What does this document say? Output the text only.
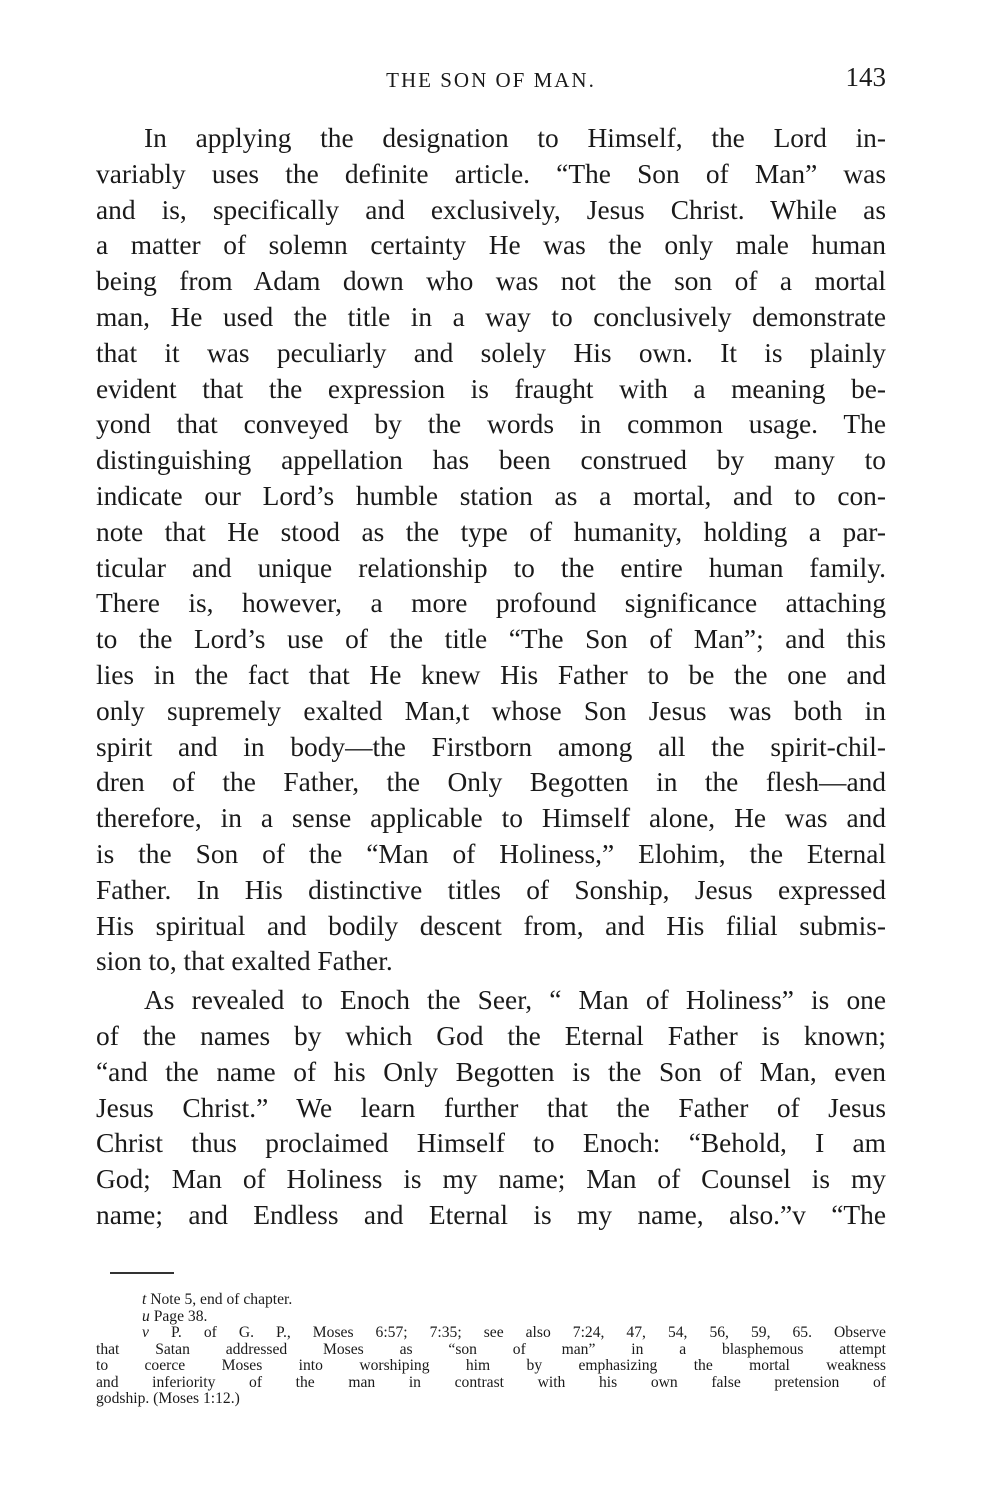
THE SON OF MAN.	143

In applying the designation to Himself, the Lord in-
variably uses the definite article. “The Son of Man” was
and is, specifically and exclusively, Jesus Christ. While as
a matter of solemn certainty He was the only male human
being from Adam down who was not the son of a mortal
man, He used the title in a way to conclusively demonstrate
that it was peculiarly and solely His own. It is plainly
evident that the expression is fraught with a meaning be-
yond that conveyed by the words in common usage. The
distinguishing appellation has been construed by many to
indicate our Lord’s humble station as a mortal, and to con-
note that He stood as the type of humanity, holding a par-
ticular and unique relationship to the entire human family.
There is, however, a more profound significance attaching
to the Lord’s use of the title “The Son of Man”; and this
lies in the fact that He knew His Father to be the one and
only supremely exalted Man,t whose Son Jesus was both in
spirit and in body—the Firstborn among all the spirit-chil-
dren of the Father, the Only Begotten in the flesh—and
therefore, in a sense applicable to Himself alone, He was and
is the Son of the “Man of Holiness,” Elohim, the Eternal
Father. In His distinctive titles of Sonship, Jesus expressed
His spiritual and bodily descent from, and His filial submis-
sion to, that exalted Father.

As revealed to Enoch the Seer, “ Man of Holiness” is one
of the names by which God the Eternal Father is known;
“and the name of his Only Begotten is the Son of Man, even
Jesus Christ.” We learn further that the Father of Jesus
Christ thus proclaimed Himself to Enoch: “Behold, I am
God; Man of Holiness is my name; Man of Counsel is my
name; and Endless and Eternal is my name, also.”v “The

t Note 5, end of chapter.

u Page 38.

v P. of G. P., Moses 6:57; 7:35; see also 7:24, 47, 54, 56, 59, 65. Observe
that Satan addressed Moses as “son of man” in a blasphemous attempt
to coerce Moses into worshiping him by emphasizing the mortal weakness
and inferiority of the man in contrast with his own false pretension of
godship. (Moses 1:12.)
